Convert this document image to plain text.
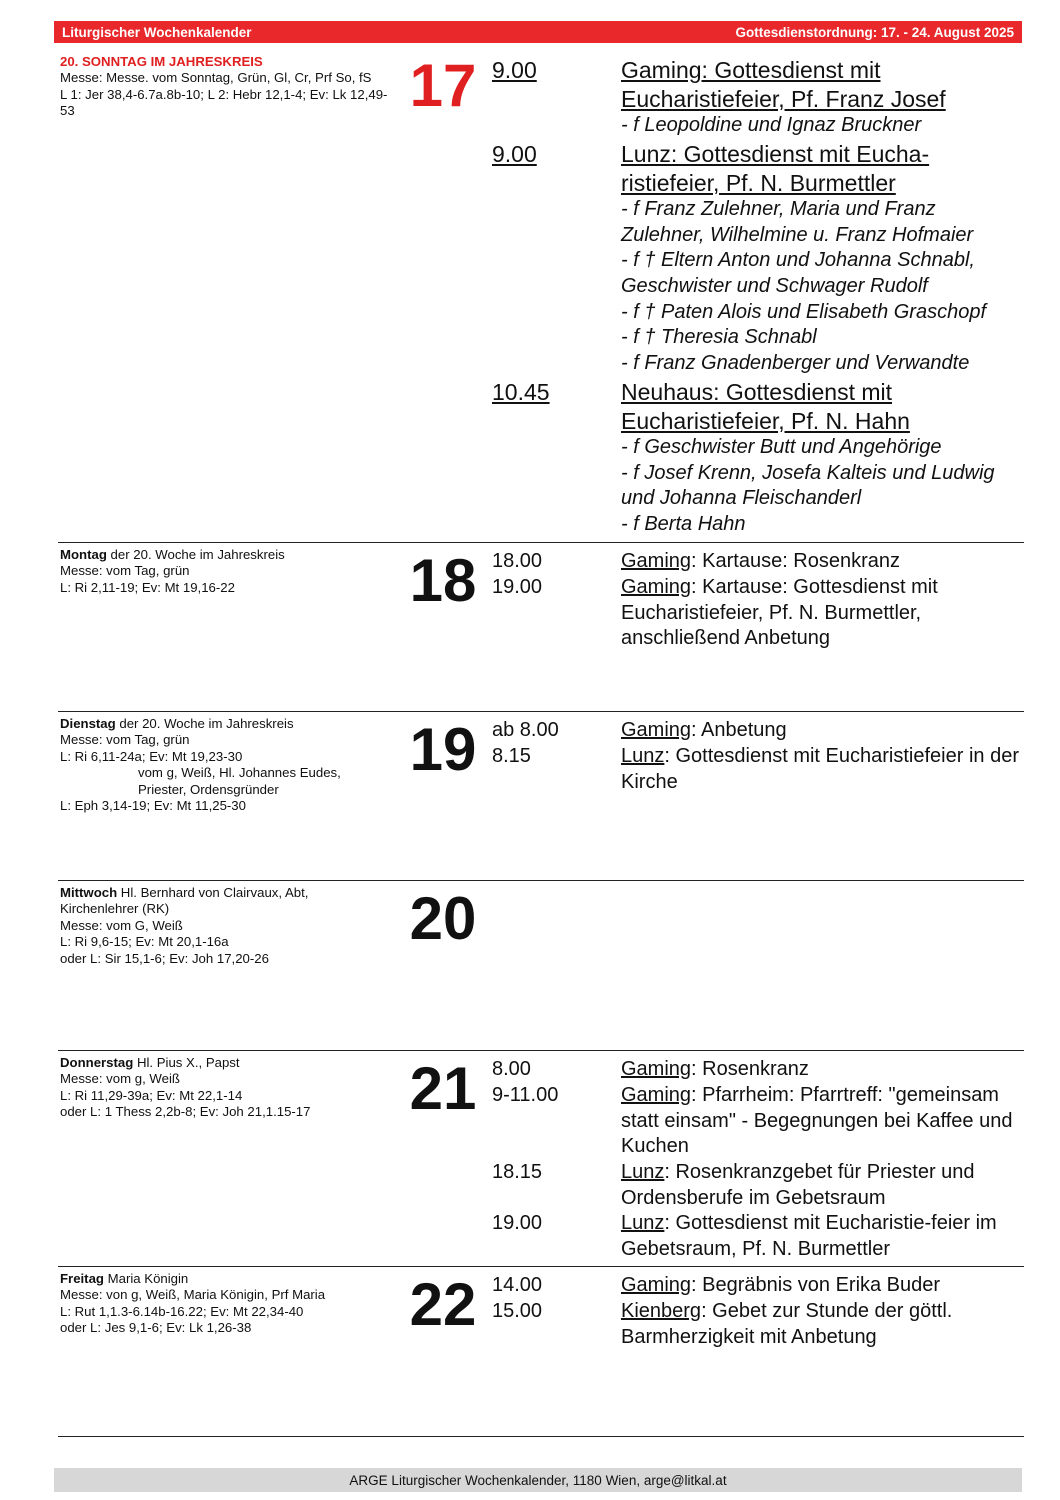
Liturgischer Wochenkalender	Gottesdienstordnung: 17. - 24. August 2025
20. SONNTAG IM JAHRESKREIS
Messe: Messe. vom Sonntag, Grün, Gl, Cr, Prf So, fS
L 1: Jer 38,4-6.7a.8b-10; L 2: Hebr 12,1-4; Ev: Lk 12,49-53	17 9.00	Gaming: Gottesdienst mit Eucharistiefeier, Pf. Franz Josef
- f Leopoldine und Ignaz Bruckner
9.00	Lunz: Gottesdienst mit Eucha-ristiefeier, Pf. N. Burmettler
- f Franz Zulehner, Maria und Franz Zulehner, Wilhelmine u. Franz Hofmaier
- f † Eltern Anton und Johanna Schnabl, Geschwister und Schwager Rudolf
- f † Paten Alois und Elisabeth Graschopf
- f † Theresia Schnabl
- f Franz Gnadenberger und Verwandte
10.45	Neuhaus: Gottesdienst mit Eucharistiefeier, Pf. N. Hahn
- f Geschwister Butt und Angehörige
- f Josef Krenn, Josefa Kalteis und Ludwig und Johanna Fleischanderl
- f Berta Hahn
Montag der 20. Woche im Jahreskreis
Messe: vom Tag, grün
L: Ri 2,11-19; Ev: Mt 19,16-22	18 18.00	Gaming: Kartause: Rosenkranz
19.00	Gaming: Kartause: Gottesdienst mit Eucharistiefeier, Pf. N. Burmettler, anschließend Anbetung
Dienstag der 20. Woche im Jahreskreis
Messe: vom Tag, grün
L: Ri 6,11-24a; Ev: Mt 19,23-30
vom g, Weiß, Hl. Johannes Eudes, Priester, Ordensgründer
L: Eph 3,14-19; Ev: Mt 11,25-30
19 ab 8.00	Gaming: Anbetung
8.15	Lunz: Gottesdienst mit Eucharistiefeier in der Kirche
Mittwoch Hl. Bernhard von Clairvaux, Abt, Kirchenlehrer (RK)
Messe: vom G, Weiß
L: Ri 9,6-15; Ev: Mt 20,1-16a
oder L: Sir 15,1-6; Ev: Joh 17,20-26
20
Donnerstag Hl. Pius X., Papst
Messe: vom g, Weiß
L: Ri 11,29-39a; Ev: Mt 22,1-14
oder L: 1 Thess 2,2b-8; Ev: Joh 21,1.15-17	21 8.00	Gaming: Rosenkranz
9-11.00	Gaming: Pfarrheim: Pfarrtreff: "gemeinsam statt einsam" - Begegnungen bei Kaffee und Kuchen
18.15	Lunz: Rosenkranzgebet für Priester und Ordensberufe im Gebetsraum
19.00	Lunz: Gottesdienst mit Eucharistie-feier im Gebetsraum, Pf. N. Burmettler
Freitag Maria Königin
Messe: von g, Weiß, Maria Königin, Prf Maria
L: Rut 1,1.3-6.14b-16.22; Ev: Mt 22,34-40
oder L: Jes 9,1-6; Ev: Lk 1,26-38	22 14.00	Gaming: Begräbnis von Erika Buder
15.00	Kienberg: Gebet zur Stunde der göttl. Barmherzigkeit mit Anbetung
ARGE Liturgischer Wochenkalender, 1180 Wien, arge@litkal.at
